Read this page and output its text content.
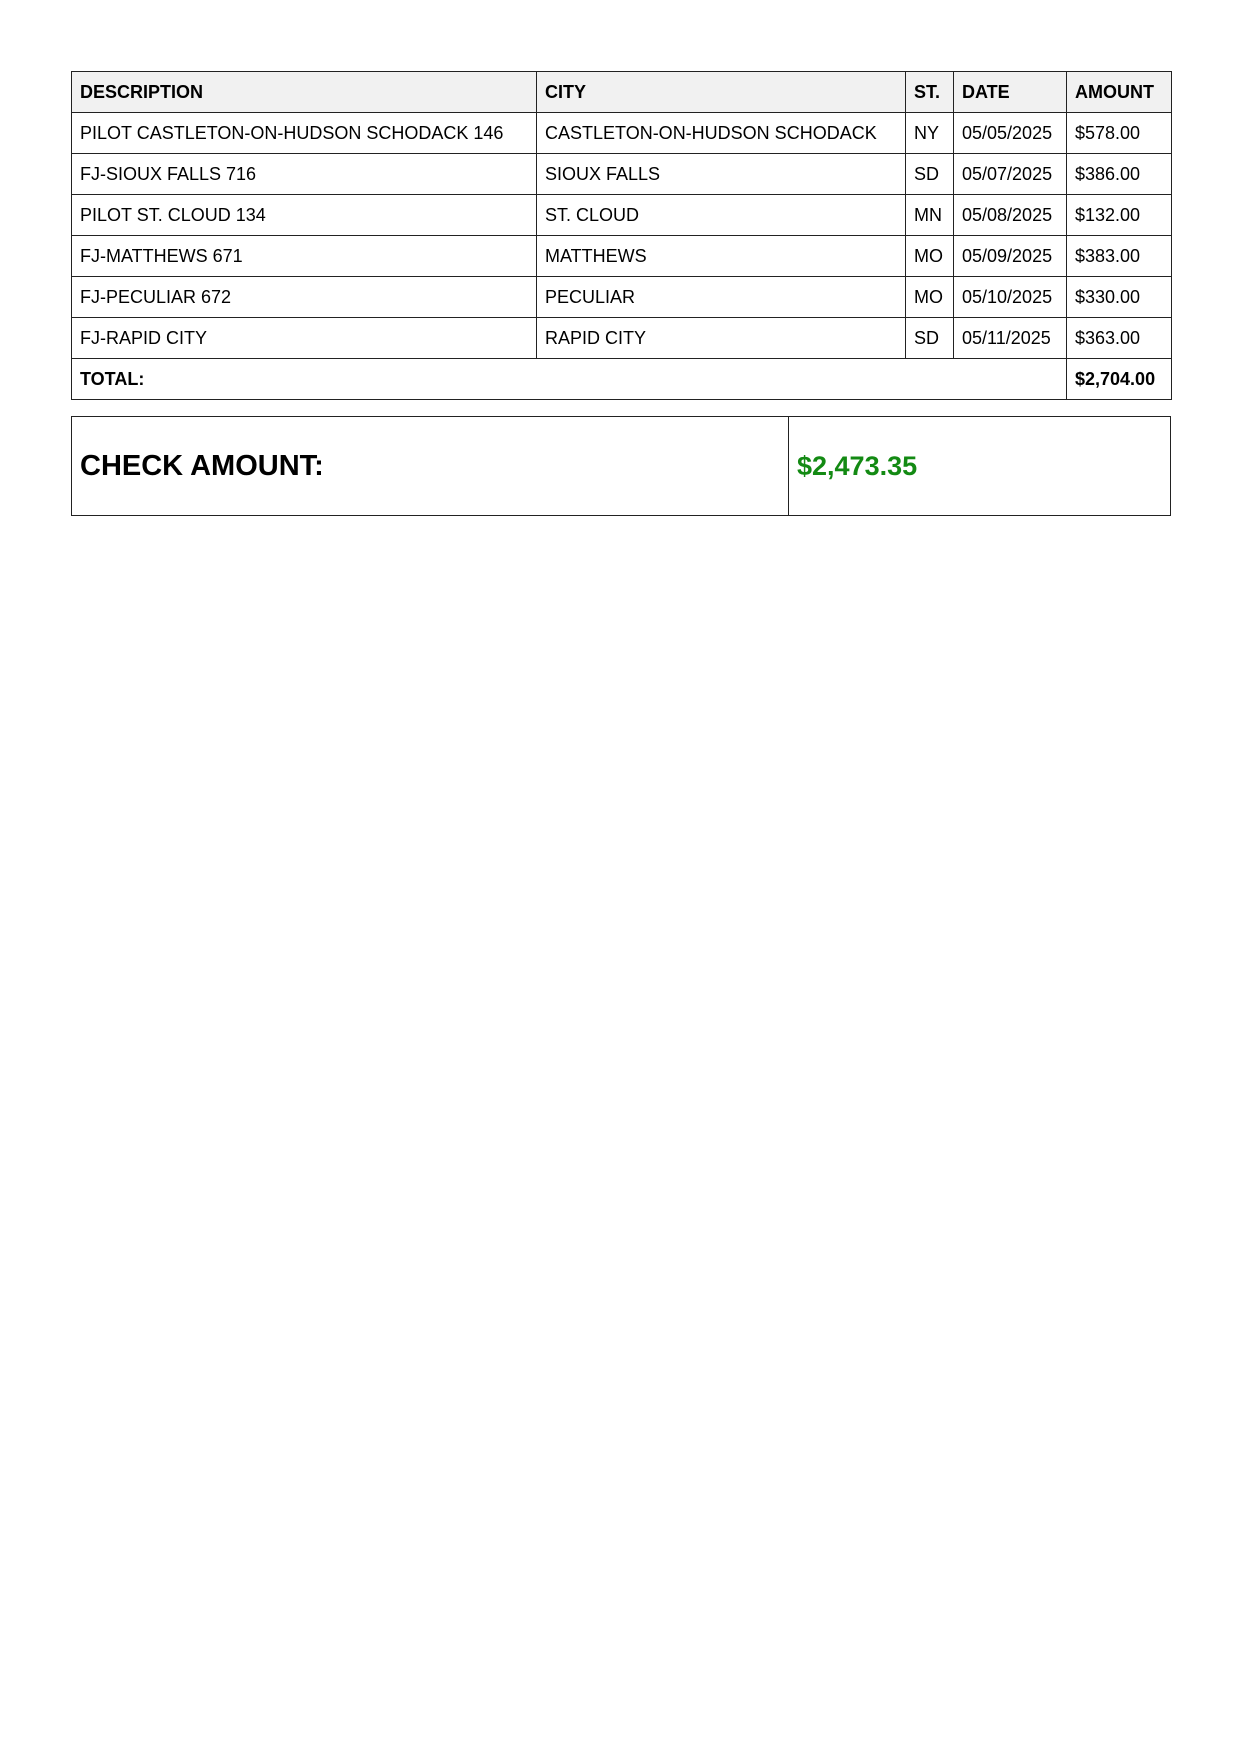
DESCRIPTION	CITY	ST.	DATE	AMOUNT
PILOT CASTLETON-ON-HUDSON SCHODACK 146	CASTLETON-ON-HUDSON SCHODACK	NY	05/05/2025	$578.00
FJ-SIOUX FALLS 716	SIOUX FALLS	SD	05/07/2025	$386.00
PILOT ST. CLOUD 134	ST. CLOUD	MN	05/08/2025	$132.00
FJ-MATTHEWS 671	MATTHEWS	MO	05/09/2025	$383.00
FJ-PECULIAR 672	PECULIAR	MO	05/10/2025	$330.00
FJ-RAPID CITY	RAPID CITY	SD	05/11/2025	$363.00
TOTAL:				$2,704.00
CHECK AMOUNT:	$2,473.35
